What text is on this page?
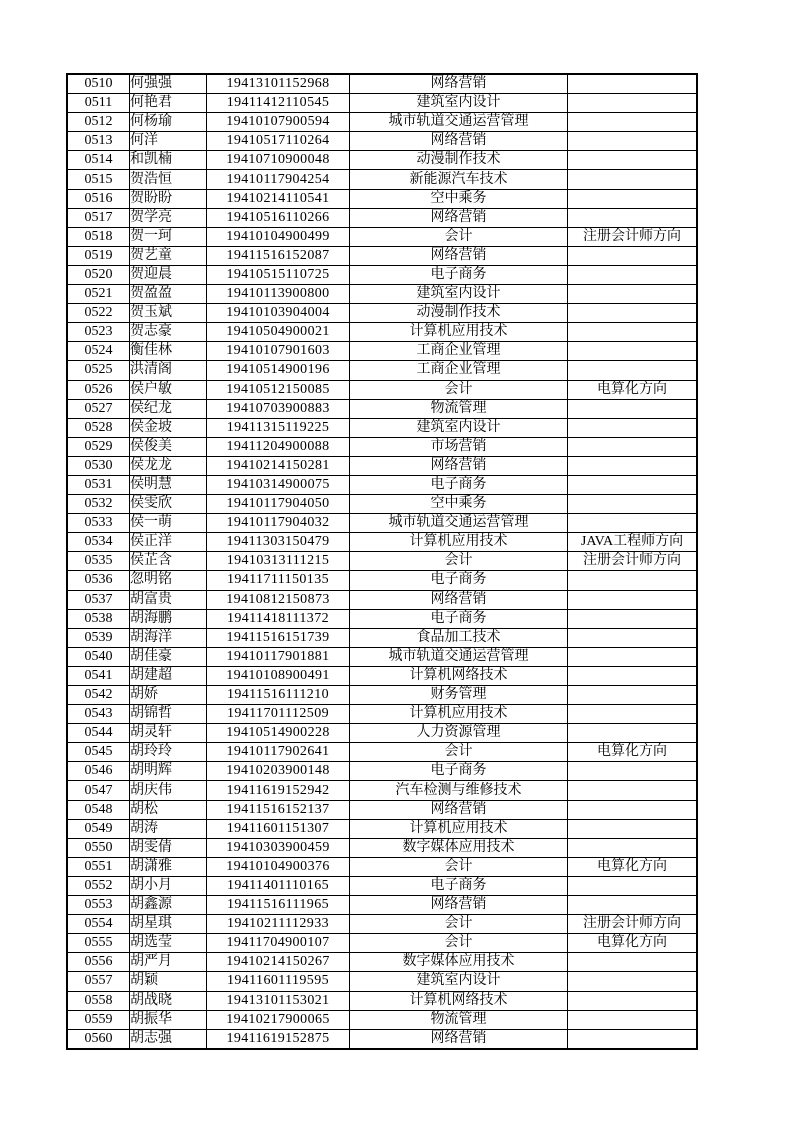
0510	何强强	19413101152968	网络营销	
0511	何艳君	19411412110545	建筑室内设计	
0512	何杨瑜	19410107900594	城市轨道交通运营管理	
0513	何洋	19410517110264	网络营销	
0514	和凯楠	19410710900048	动漫制作技术	
0515	贺浩恒	19410117904254	新能源汽车技术	
0516	贺盼盼	19410214110541	空中乘务	
0517	贺学亮	19410516110266	网络营销	
0518	贺一珂	19410104900499	会计	注册会计师方向
0519	贺艺童	19411516152087	网络营销	
0520	贺迎晨	19410515110725	电子商务	
0521	贺盈盈	19410113900800	建筑室内设计	
0522	贺玉斌	19410103904004	动漫制作技术	
0523	贺志豪	19410504900021	计算机应用技术	
0524	衡佳林	19410107901603	工商企业管理	
0525	洪清阁	19410514900196	工商企业管理	
0526	侯户敏	19410512150085	会计	电算化方向
0527	侯纪龙	19410703900883	物流管理	
0528	侯金坡	19411315119225	建筑室内设计	
0529	侯俊美	19411204900088	市场营销	
0530	侯龙龙	19410214150281	网络营销	
0531	侯明慧	19410314900075	电子商务	
0532	侯雯欣	19410117904050	空中乘务	
0533	侯一萌	19410117904032	城市轨道交通运营管理	
0534	侯正洋	19411303150479	计算机应用技术	JAVA工程师方向
0535	侯芷含	19410313111215	会计	注册会计师方向
0536	忽明铭	19411711150135	电子商务	
0537	胡富贵	19410812150873	网络营销	
0538	胡海鹏	19411418111372	电子商务	
0539	胡海洋	19411516151739	食品加工技术	
0540	胡佳豪	19410117901881	城市轨道交通运营管理	
0541	胡建超	19410108900491	计算机网络技术	
0542	胡娇	19411516111210	财务管理	
0543	胡锦哲	19411701112509	计算机应用技术	
0544	胡灵轩	19410514900228	人力资源管理	
0545	胡玲玲	19410117902641	会计	电算化方向
0546	胡明辉	19410203900148	电子商务	
0547	胡庆伟	19411619152942	汽车检测与维修技术	
0548	胡松	19411516152137	网络营销	
0549	胡涛	19411601151307	计算机应用技术	
0550	胡雯倩	19410303900459	数字媒体应用技术	
0551	胡潇雅	19410104900376	会计	电算化方向
0552	胡小月	19411401110165	电子商务	
0553	胡鑫源	19411516111965	网络营销	
0554	胡星琪	19410211112933	会计	注册会计师方向
0555	胡选莹	19411704900107	会计	电算化方向
0556	胡严月	19410214150267	数字媒体应用技术	
0557	胡颖	19411601119595	建筑室内设计	
0558	胡战晓	19413101153021	计算机网络技术	
0559	胡振华	19410217900065	物流管理	
0560	胡志强	19411619152875	网络营销	
